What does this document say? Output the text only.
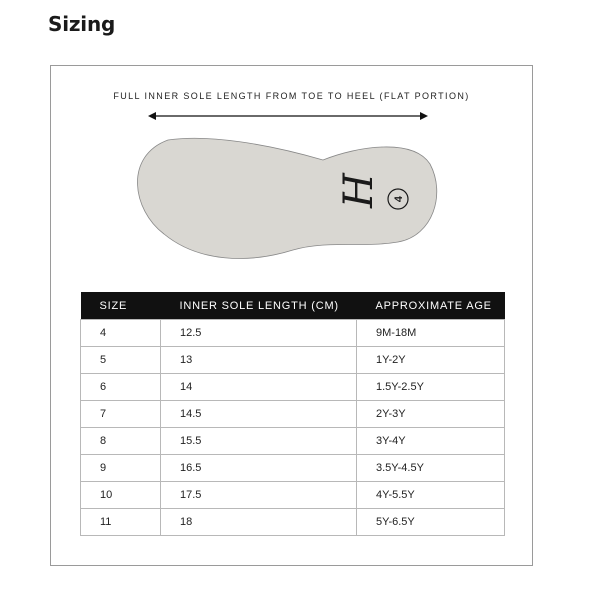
Sizing
FULL INNER SOLE LENGTH FROM TOE TO HEEL (FLAT PORTION)
H 4
SIZE	INNER SOLE LENGTH (CM)	APPROXIMATE AGE
4	12.5	9M-18M
5	13	1Y-2Y
6	14	1.5Y-2.5Y
7	14.5	2Y-3Y
8	15.5	3Y-4Y
9	16.5	3.5Y-4.5Y
10	17.5	4Y-5.5Y
11	18	5Y-6.5Y
